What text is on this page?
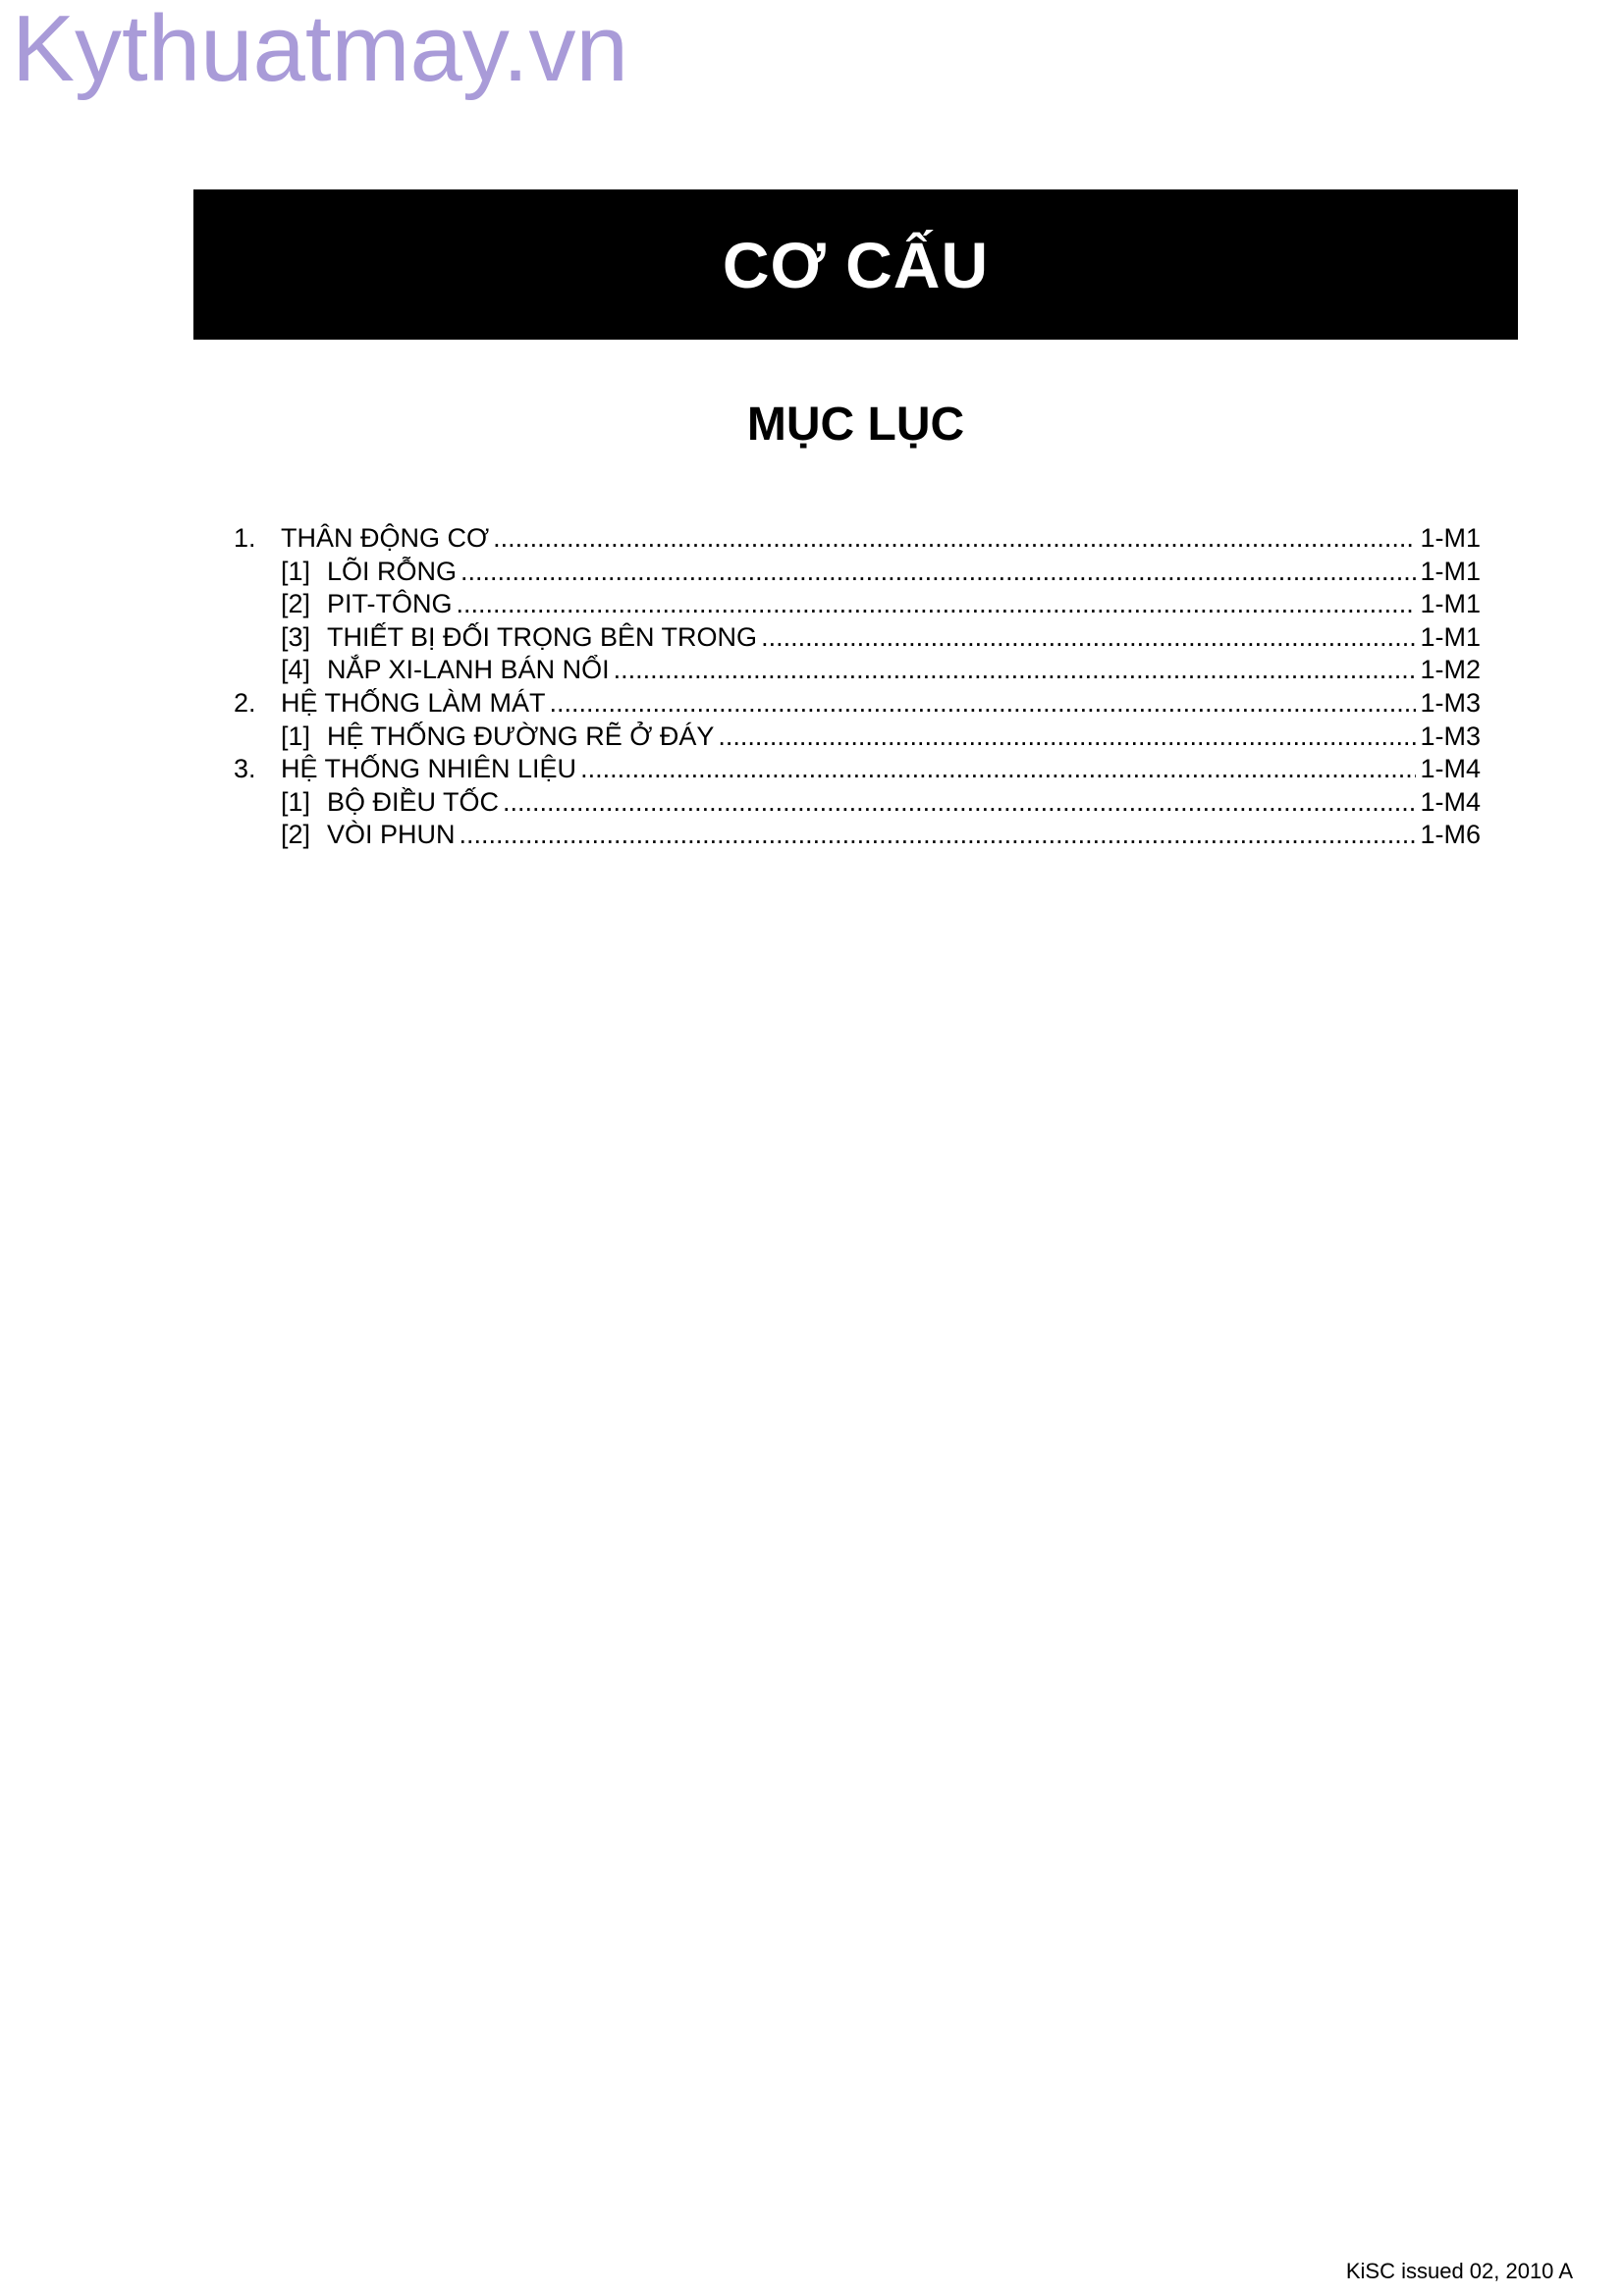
Kythuatmay.vn
CƠ CẤU
MỤC LỤC
1. THÂN ĐỘNG CƠ .....	1-M1
[1] LÕI RỖNG .....	1-M1
[2] PIT-TÔNG .....	1-M1
[3] THIẾT BỊ ĐỐI TRỌNG BÊN TRONG .....	1-M1
[4] NẮP XI-LANH BÁN NỔI .....	1-M2
2. HỆ THỐNG LÀM MÁT .....	1-M3
[1] HỆ THỐNG ĐƯỜNG RẼ Ở ĐÁY .....	1-M3
3. HỆ THỐNG NHIÊN LIỆU .....	1-M4
[1] BỘ ĐIỀU TỐC .....	1-M4
[2] VÒI PHUN .....	1-M6
KiSC issued 02, 2010 A
